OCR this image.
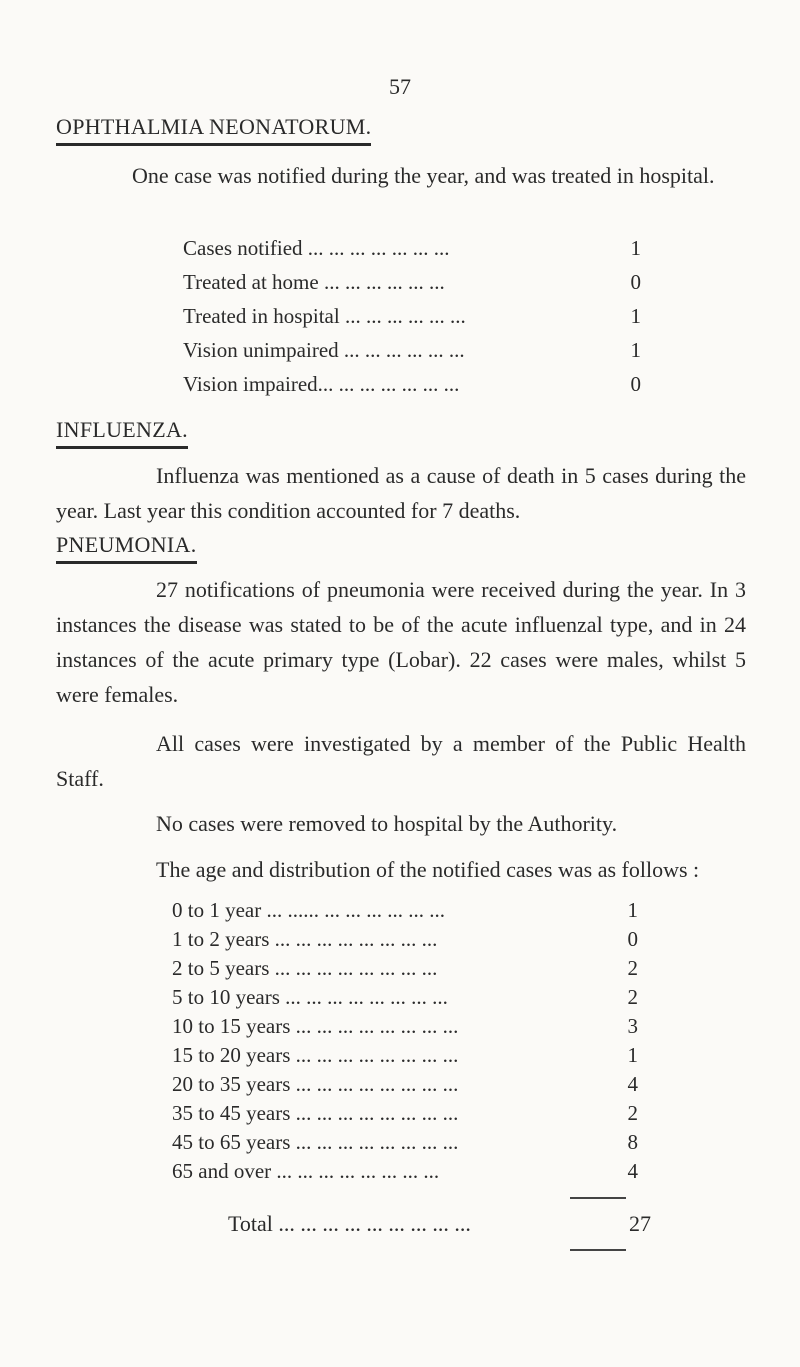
57
OPHTHALMIA NEONATORUM.
One case was notified during the year, and was treated in hospital.
Cases notified ... ... ... ... ... ... ...	1
Treated at home ... ... ... ... ... ...	0
Treated in hospital ... ... ... ... ... ...	1
Vision unimpaired ... ... ... ... ... ...	1
Vision impaired... ... ... ... ... ... ...	0
INFLUENZA.
Influenza was mentioned as a cause of death in 5 cases during the year. Last year this condition accounted for 7 deaths.
PNEUMONIA.
27 notifications of pneumonia were received during the year. In 3 instances the disease was stated to be of the acute influenzal type, and in 24 instances of the acute primary type (Lobar). 22 cases were males, whilst 5 were females.
All cases were investigated by a member of the Public Health Staff.
No cases were removed to hospital by the Authority.
The age and distribution of the notified cases was as follows :
0 to 1 year ... ...... ... ... ... ... ... ...	1
1 to 2 years ... ... ... ... ... ... ... ...	0
2 to 5 years ... ... ... ... ... ... ... ...	2
5 to 10 years ... ... ... ... ... ... ... ...	2
10 to 15 years ... ... ... ... ... ... ... ...	3
15 to 20 years ... ... ... ... ... ... ... ...	1
20 to 35 years ... ... ... ... ... ... ... ...	4
35 to 45 years ... ... ... ... ... ... ... ...	2
45 to 65 years ... ... ... ... ... ... ... ...	8
65 and over ... ... ... ... ... ... ... ...	4
Total ... ... ... ... ... ... ... ... ...	27
